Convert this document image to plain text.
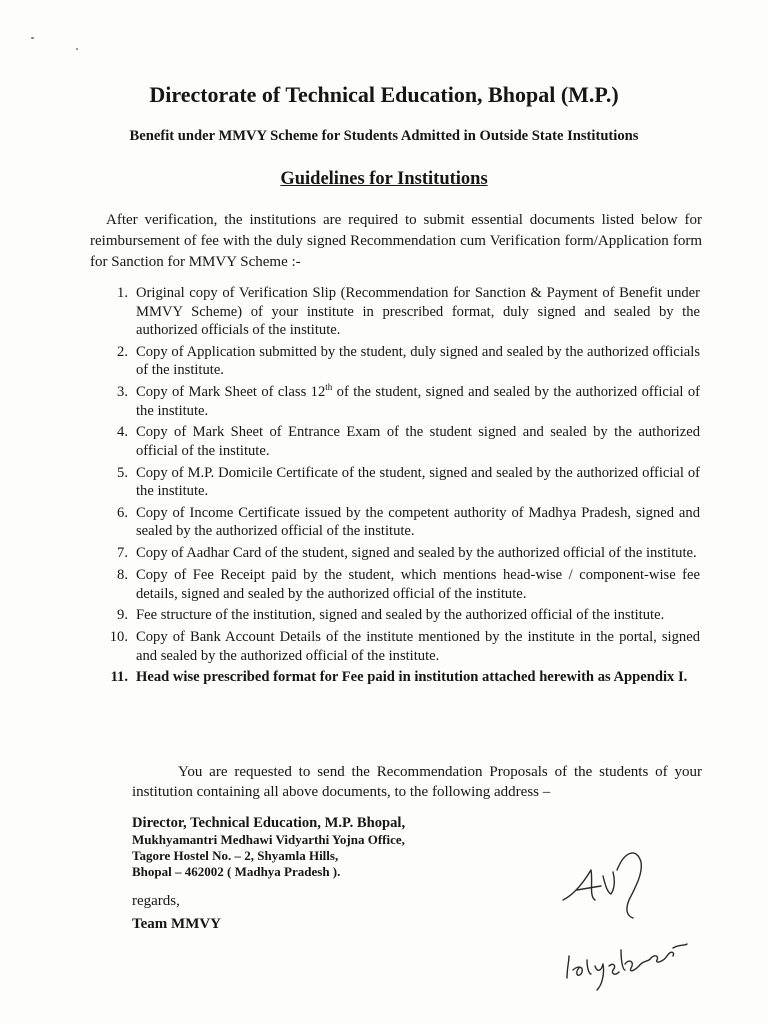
Directorate of Technical Education, Bhopal (M.P.)
Benefit under MMVY Scheme for Students Admitted in Outside State Institutions
Guidelines for Institutions

After verification, the institutions are required to submit essential documents listed below for reimbursement of fee with the duly signed Recommendation cum Verification form/Application form for Sanction for MMVY Scheme :-

1. Original copy of Verification Slip (Recommendation for Sanction & Payment of Benefit under MMVY Scheme) of your institute in prescribed format, duly signed and sealed by the authorized officials of the institute.
2. Copy of Application submitted by the student, duly signed and sealed by the authorized officials of the institute.
3. Copy of Mark Sheet of class 12th of the student, signed and sealed by the authorized official of the institute.
4. Copy of Mark Sheet of Entrance Exam of the student signed and sealed by the authorized official of the institute.
5. Copy of M.P. Domicile Certificate of the student, signed and sealed by the authorized official of the institute.
6. Copy of Income Certificate issued by the competent authority of Madhya Pradesh, signed and sealed by the authorized official of the institute.
7. Copy of Aadhar Card of the student, signed and sealed by the authorized official of the institute.
8. Copy of Fee Receipt paid by the student, which mentions head-wise / component-wise fee details, signed and sealed by the authorized official of the institute.
9. Fee structure of the institution, signed and sealed by the authorized official of the institute.
10. Copy of Bank Account Details of the institute mentioned by the institute in the portal, signed and sealed by the authorized official of the institute.
11. Head wise prescribed format for Fee paid in institution attached herewith as Appendix I.

You are requested to send the Recommendation Proposals of the students of your institution containing all above documents, to the following address –

Director, Technical Education, M.P. Bhopal,
Mukhyamantri Medhawi Vidyarthi Yojna Office,
Tagore Hostel No. – 2, Shyamla Hills,
Bhopal – 462002 ( Madhya Pradesh ).
regards,
Team MMVY
